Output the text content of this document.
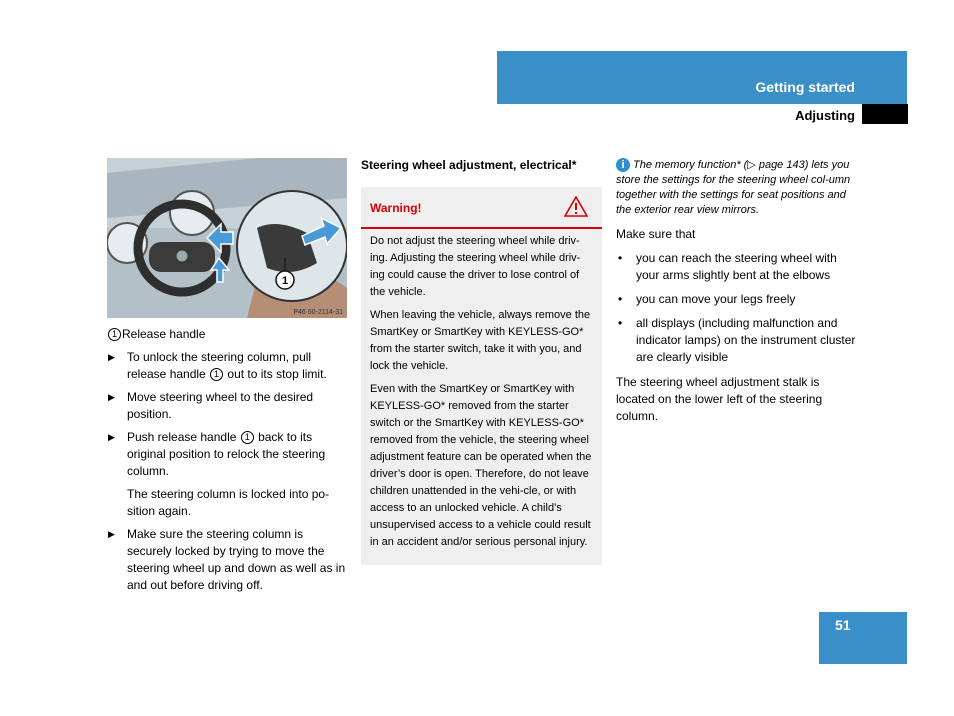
Getting started
Adjusting
1
P46 60-2114-31
1 Release handle
▶ To unlock the steering column, pull release handle 1 out to its stop limit.
▶ Move steering wheel to the desired position.
▶ Push release handle 1 back to its original position to relock the steering column.
The steering column is locked into po-sition again.
▶ Make sure the steering column is securely locked by trying to move the steering wheel up and down as well as in and out before driving off.
Steering wheel adjustment, electrical*
Warning!

Do not adjust the steering wheel while driv-ing. Adjusting the steering wheel while driv-ing could cause the driver to lose control of the vehicle.

When leaving the vehicle, always remove the SmartKey or SmartKey with KEYLESS-GO* from the starter switch, take it with you, and lock the vehicle.

Even with the SmartKey or SmartKey with KEYLESS-GO* removed from the starter switch or the SmartKey with KEYLESS-GO* removed from the vehicle, the steering wheel adjustment feature can be operated when the driver’s door is open. Therefore, do not leave children unattended in the vehi-cle, or with access to an unlocked vehicle. A child’s unsupervised access to a vehicle could result in an accident and/or serious personal injury.

i The memory function* (▷ page 143) lets you store the settings for the steering wheel col-umn together with the settings for seat positions and the exterior rear view mirrors.
Make sure that
• you can reach the steering wheel with your arms slightly bent at the elbows
• you can move your legs freely
• all displays (including malfunction and indicator lamps) on the instrument cluster are clearly visible
The steering wheel adjustment stalk is located on the lower left of the steering column.
51
